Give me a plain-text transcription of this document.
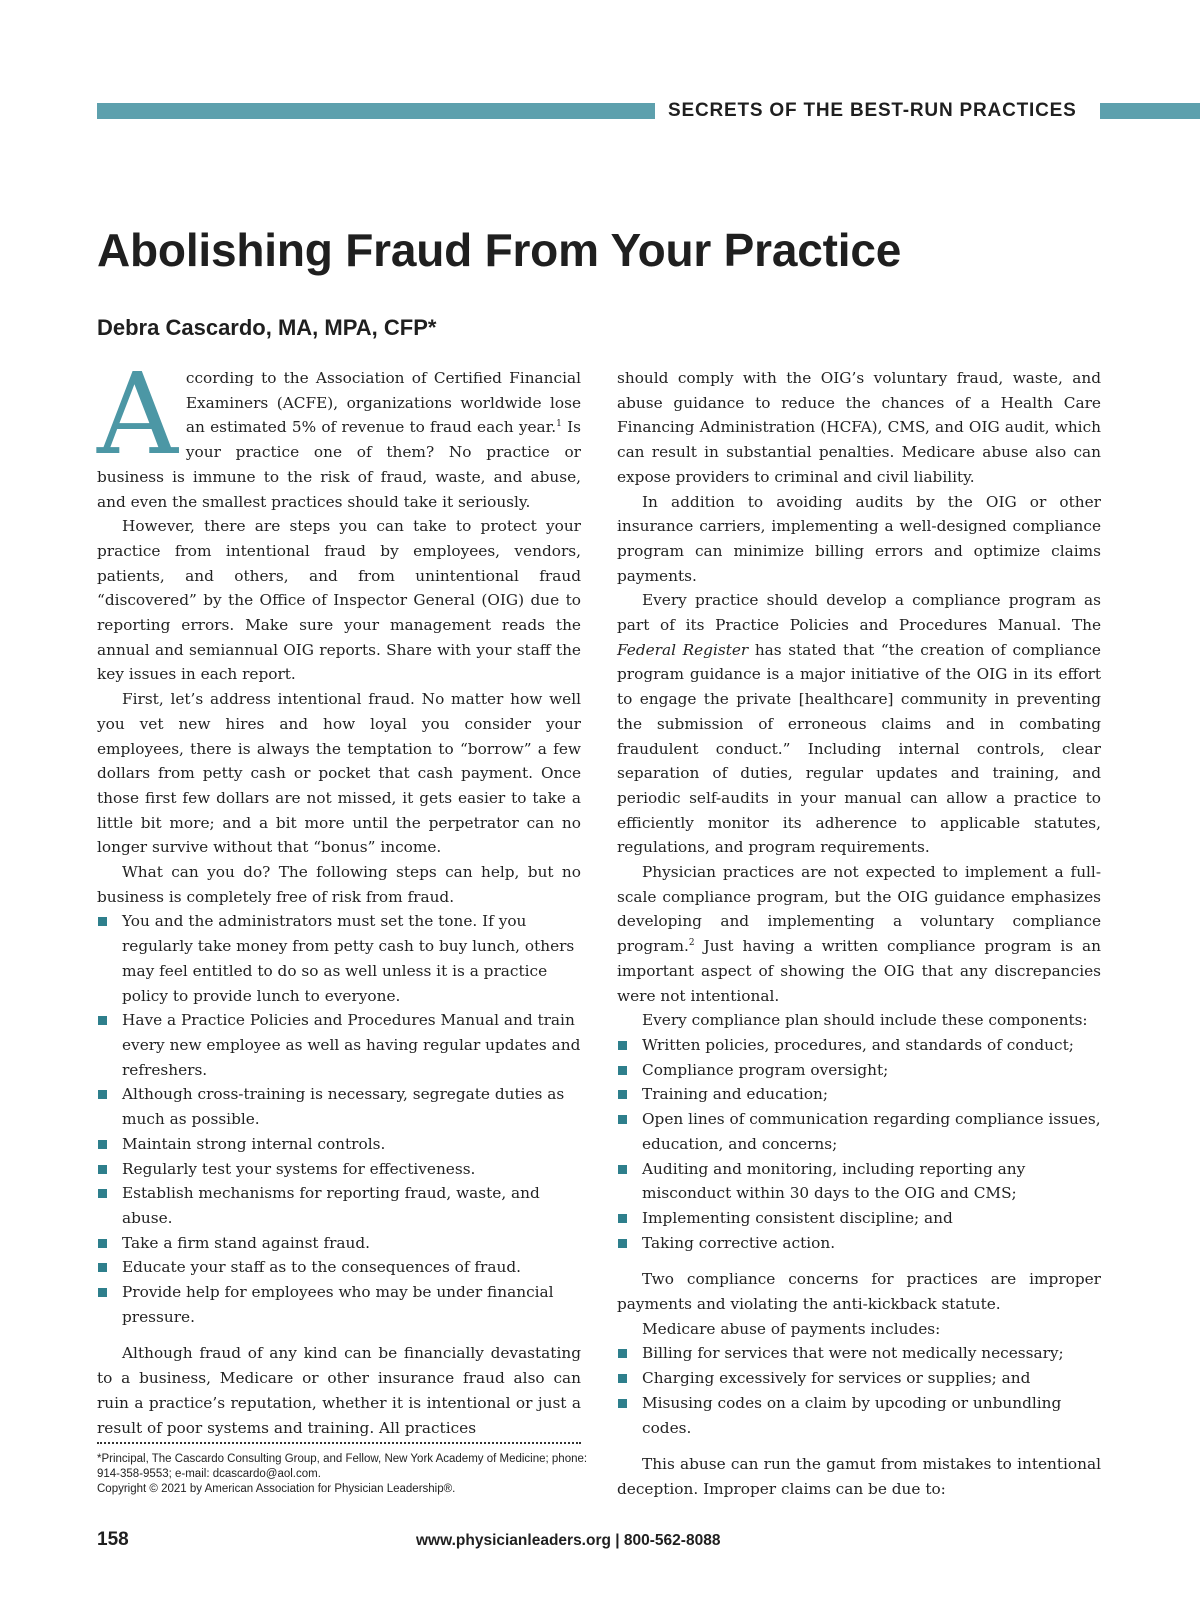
SECRETS OF THE BEST-RUN PRACTICES
Abolishing Fraud From Your Practice
Debra Cascardo, MA, MPA, CFP*

According to the Association of Certified Financial Examiners (ACFE), organizations worldwide lose an estimated 5% of revenue to fraud each year.$^1$ Is your practice one of them? No practice or business is immune to the risk of fraud, waste, and abuse, and even the smallest practices should take it seriously.

However, there are steps you can take to protect your practice from intentional fraud by employees, vendors, patients, and others, and from unintentional fraud “discovered” by the Office of Inspector General (OIG) due to reporting errors. Make sure your management reads the annual and semiannual OIG reports. Share with your staff the key issues in each report.

First, let’s address intentional fraud. No matter how well you vet new hires and how loyal you consider your employees, there is always the temptation to “borrow” a few dollars from petty cash or pocket that cash payment. Once those first few dollars are not missed, it gets easier to take a little bit more; and a bit more until the perpetrator can no longer survive without that “bonus” income.

What can you do? The following steps can help, but no business is completely free of risk from fraud.

You and the administrators must set the tone. If you regularly take money from petty cash to buy lunch, others may feel entitled to do so as well unless it is a practice policy to provide lunch to everyone.
Have a Practice Policies and Procedures Manual and train every new employee as well as having regular updates and refreshers.
Although cross-training is necessary, segregate duties as much as possible.
Maintain strong internal controls.
Regularly test your systems for effectiveness.
Establish mechanisms for reporting fraud, waste, and abuse.
Take a firm stand against fraud.
Educate your staff as to the consequences of fraud.
Provide help for employees who may be under financial pressure.

Although fraud of any kind can be financially devastating to a business, Medicare or other insurance fraud also can ruin a practice’s reputation, whether it is intentional or just a result of poor systems and training. All practices

should comply with the OIG’s voluntary fraud, waste, and abuse guidance to reduce the chances of a Health Care Financing Administration (HCFA), CMS, and OIG audit, which can result in substantial penalties. Medicare abuse also can expose providers to criminal and civil liability.

In addition to avoiding audits by the OIG or other insurance carriers, implementing a well-designed compliance program can minimize billing errors and optimize claims payments.

Every practice should develop a compliance program as part of its Practice Policies and Procedures Manual. The Federal Register has stated that “the creation of compliance program guidance is a major initiative of the OIG in its effort to engage the private [healthcare] community in preventing the submission of erroneous claims and in combating fraudulent conduct.” Including internal controls, clear separation of duties, regular updates and training, and periodic self-audits in your manual can allow a practice to efficiently monitor its adherence to applicable statutes, regulations, and program requirements.

Physician practices are not expected to implement a full-scale compliance program, but the OIG guidance emphasizes developing and implementing a voluntary compliance program.$^2$ Just having a written compliance program is an important aspect of showing the OIG that any discrepancies were not intentional.

Every compliance plan should include these components:

Written policies, procedures, and standards of conduct;
Compliance program oversight;
Training and education;
Open lines of communication regarding compliance issues, education, and concerns;
Auditing and monitoring, including reporting any misconduct within 30 days to the OIG and CMS;
Implementing consistent discipline; and
Taking corrective action.

Two compliance concerns for practices are improper payments and violating the anti-kickback statute.

Medicare abuse of payments includes:

Billing for services that were not medically necessary;
Charging excessively for services or supplies; and
Misusing codes on a claim by upcoding or unbundling codes.

This abuse can run the gamut from mistakes to intentional deception. Improper claims can be due to:

*Principal, The Cascardo Consulting Group, and Fellow, New York Academy of Medicine; phone: 914-358-9553; e-mail: dcascardo@aol.com.
Copyright © 2021 by American Association for Physician Leadership®.
158	www.physicianleaders.org | 800-562-8088
